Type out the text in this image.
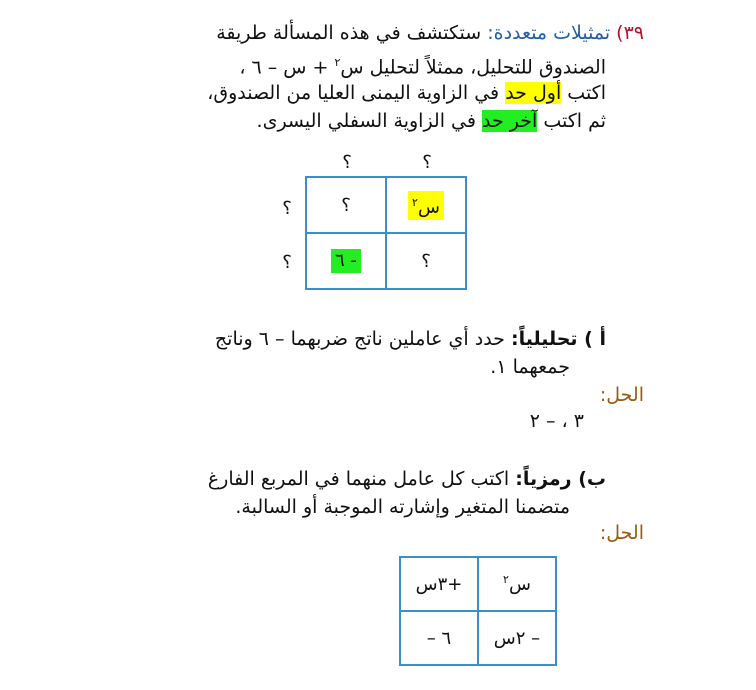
٣٩) تمثيلات متعددة: ستكتشف في هذه المسألة طريقة
الصندوق للتحليل، ممثلاً لتحليل س$^٢$ + س – ٦ ،
اكتب أول حد في الزاوية اليمنى العليا من الصندوق،
ثم اكتب آخر حد في الزاوية السفلي اليسرى.
؟	؟
؟
؟
س$^٢$	؟
؟	- ٦
أ ) تحليلياً: حدد أي عاملين ناتج ضربهما – ٦ وناتج
جمعهما ١.
الحل:
٣ ، – ٢
ب) رمزياً: اكتب كل عامل منهما في المربع الفارغ
متضمنا المتغير وإشارته الموجبة أو السالبة.
الحل:
س$^٢$	+٣س
– ٢س	٦ –
